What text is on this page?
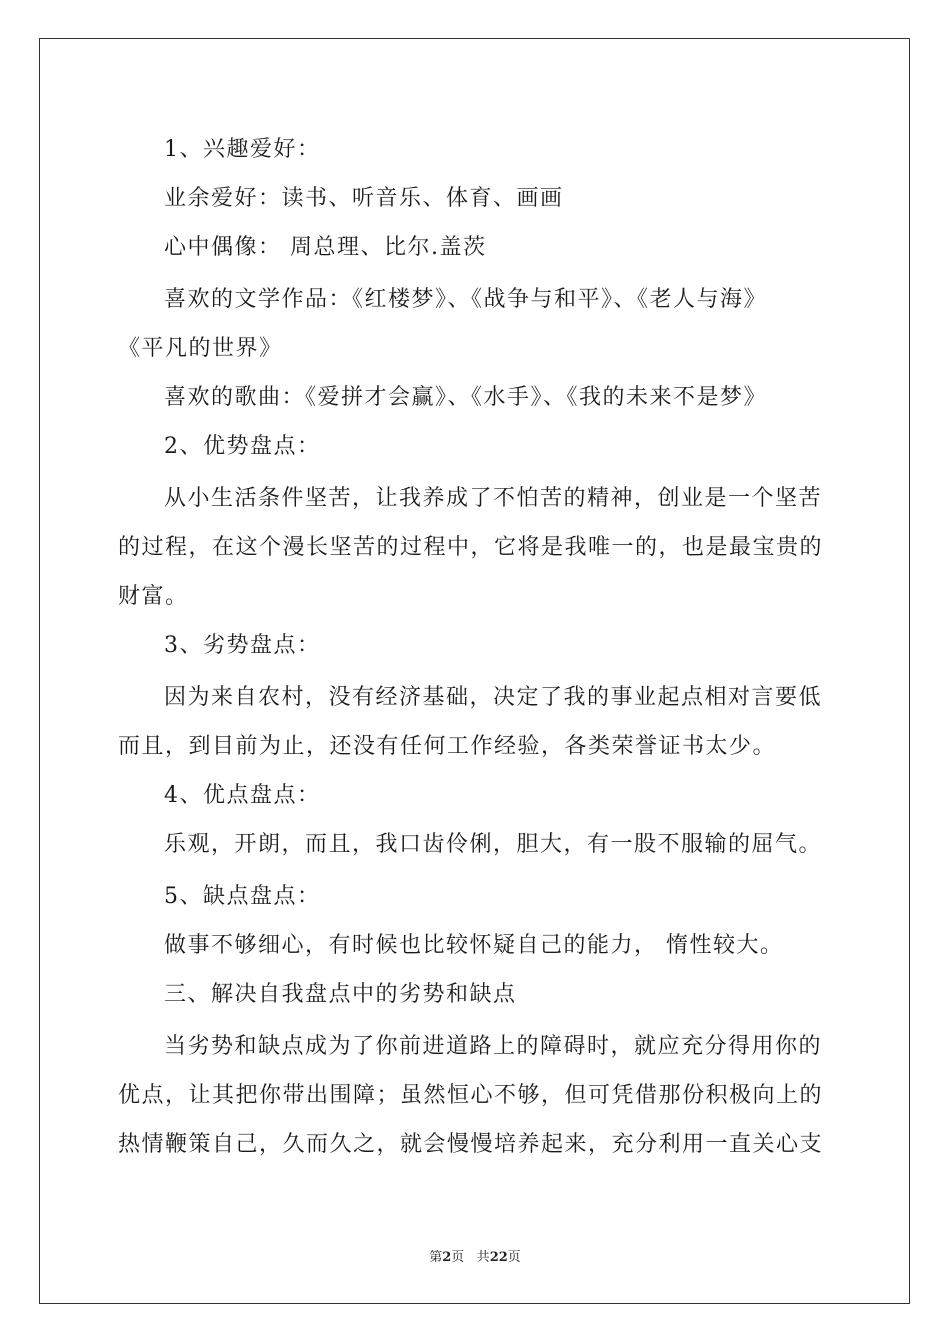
1、兴趣爱好：
业余爱好：读书、听音乐、体育、画画
心中偶像： 周总理、比尔.盖茨
喜欢的文学作品：《红楼梦》、《战争与和平》、《老人与海》
《平凡的世界》
喜欢的歌曲：《爱拼才会赢》、《水手》、《我的未来不是梦》
2、优势盘点：
从小生活条件坚苦，让我养成了不怕苦的精神，创业是一个坚苦
的过程，在这个漫长坚苦的过程中，它将是我唯一的，也是最宝贵的
财富。
3、劣势盘点：
因为来自农村，没有经济基础，决定了我的事业起点相对言要低
而且，到目前为止，还没有任何工作经验，各类荣誉证书太少。
4、优点盘点：
乐观，开朗，而且，我口齿伶俐，胆大，有一股不服输的屈气。
5、缺点盘点：
做事不够细心，有时候也比较怀疑自己的能力， 惰性较大。
三、解决自我盘点中的劣势和缺点
当劣势和缺点成为了你前进道路上的障碍时，就应充分得用你的
优点，让其把你带出围障；虽然恒心不够，但可凭借那份积极向上的
热情鞭策自己，久而久之，就会慢慢培养起来，充分利用一直关心支
第2页 共22页
